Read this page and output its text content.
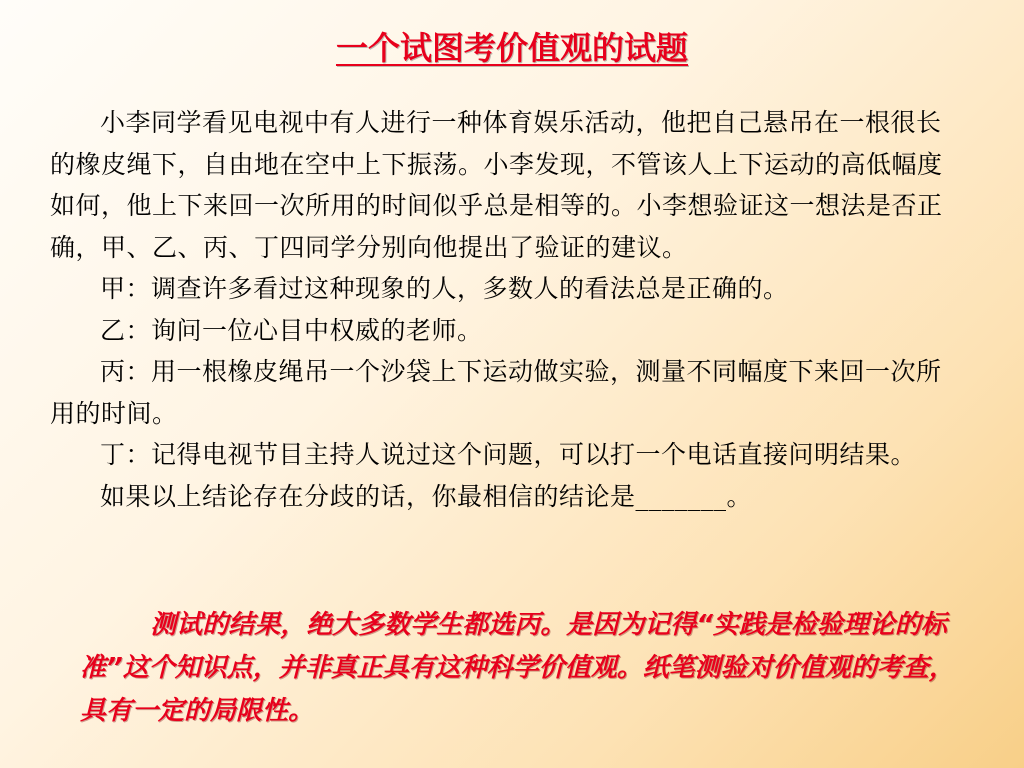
一个试图考价值观的试题

小李同学看见电视中有人进行一种体育娱乐活动，他把自己悬吊在一根很长的橡皮绳下，自由地在空中上下振荡。小李发现，不管该人上下运动的高低幅度如何，他上下来回一次所用的时间似乎总是相等的。小李想验证这一想法是否正确，甲、乙、丙、丁四同学分别向他提出了验证的建议。

甲：调查许多看过这种现象的人，多数人的看法总是正确的。

乙：询问一位心目中权威的老师。

丙：用一根橡皮绳吊一个沙袋上下运动做实验，测量不同幅度下来回一次所用的时间。

丁：记得电视节目主持人说过这个问题，可以打一个电话直接问明结果。

如果以上结论存在分歧的话，你最相信的结论是_______。

测试的结果，绝大多数学生都选丙。是因为记得“实践是检验理论的标准”这个知识点，并非真正具有这种科学价值观。纸笔测验对价值观的考查，具有一定的局限性。
